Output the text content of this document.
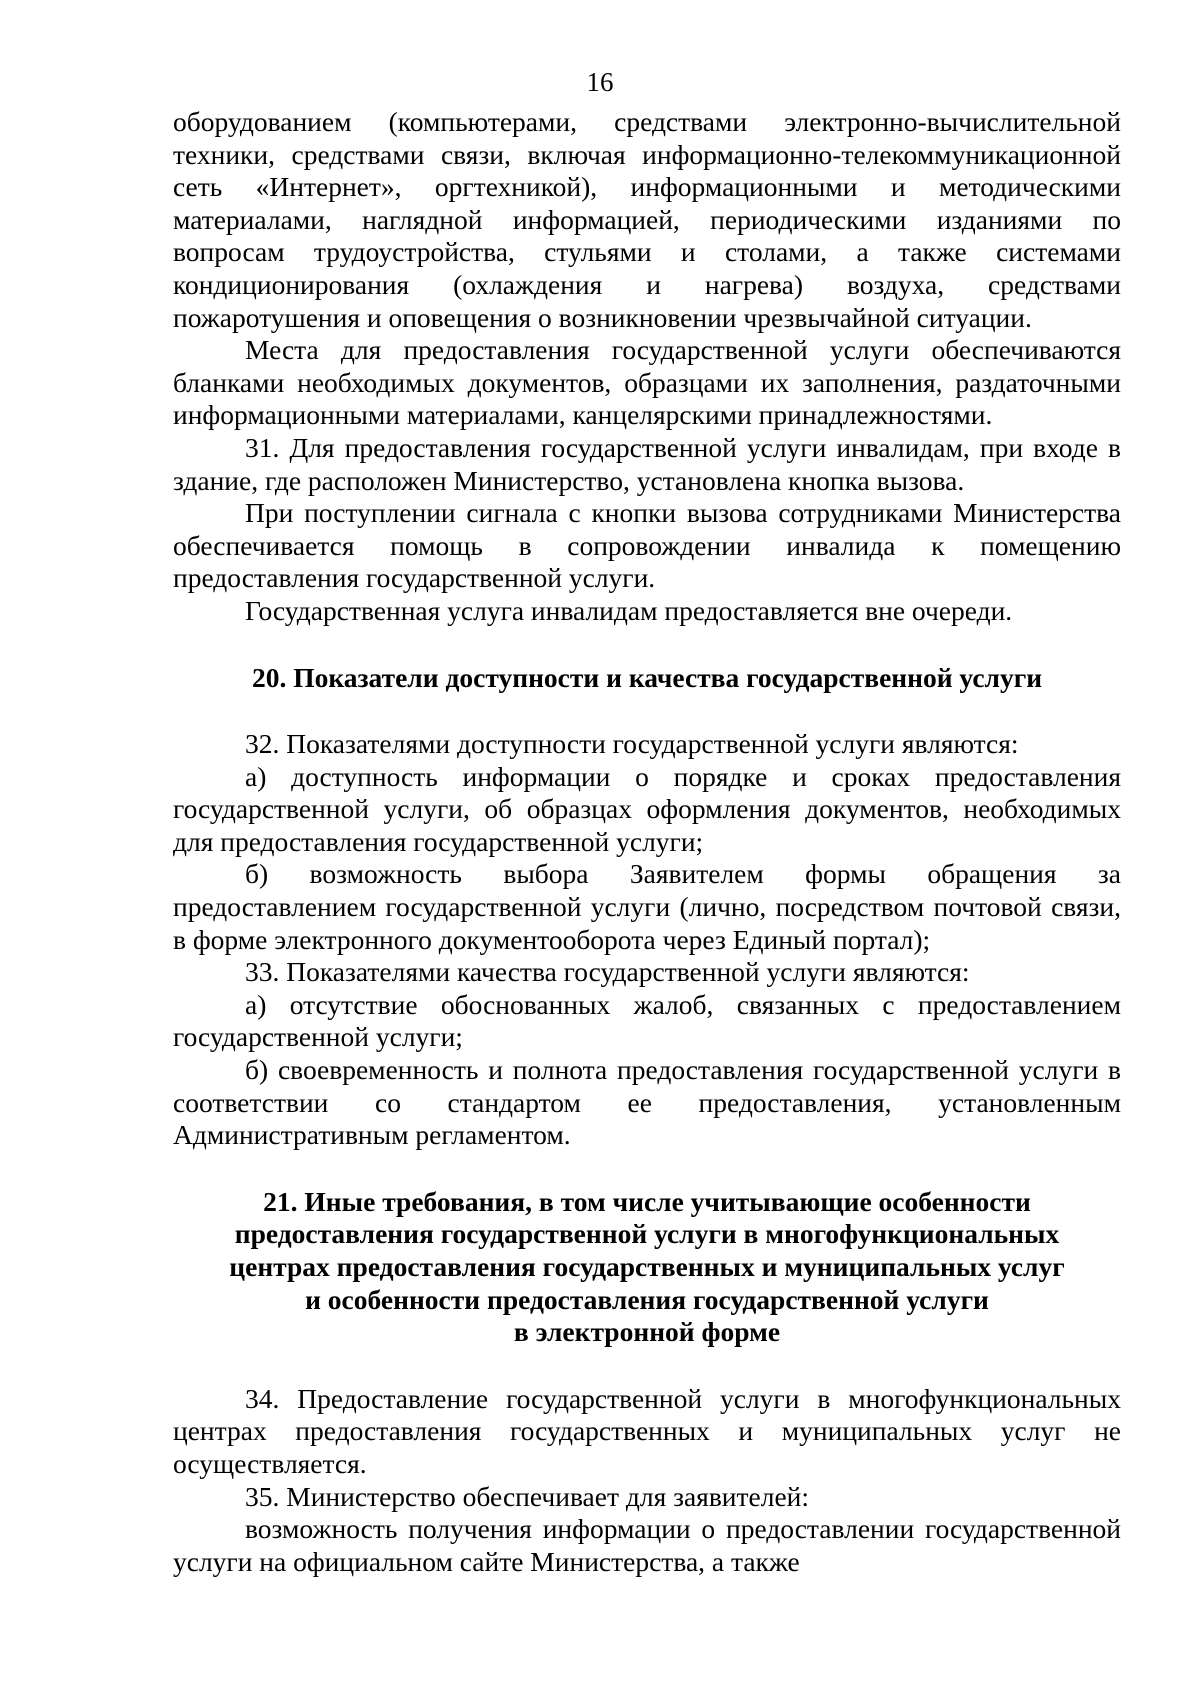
16

оборудованием (компьютерами, средствами электронно-вычислительной техники, средствами связи, включая информационно-телекоммуникационной сеть «Интернет», оргтехникой), информационными и методическими материалами, наглядной информацией, периодическими изданиями по вопросам трудоустройства, стульями и столами, а также системами кондиционирования (охлаждения и нагрева) воздуха, средствами пожаротушения и оповещения о возникновении чрезвычайной ситуации.

Места для предоставления государственной услуги обеспечиваются бланками необходимых документов, образцами их заполнения, раздаточными информационными материалами, канцелярскими принадлежностями.

31. Для предоставления государственной услуги инвалидам, при входе в здание, где расположен Министерство, установлена кнопка вызова.

При поступлении сигнала с кнопки вызова сотрудниками Министерства обеспечивается помощь в сопровождении инвалида к помещению предоставления государственной услуги.

Государственная услуга инвалидам предоставляется вне очереди.

20. Показатели доступности и качества государственной услуги

32. Показателями доступности государственной услуги являются:

а) доступность информации о порядке и сроках предоставления государственной услуги, об образцах оформления документов, необходимых для предоставления государственной услуги;

б) возможность выбора Заявителем формы обращения за предоставлением государственной услуги (лично, посредством почтовой связи, в форме электронного документооборота через Единый портал);

33. Показателями качества государственной услуги являются:

а) отсутствие обоснованных жалоб, связанных с предоставлением государственной услуги;

б) своевременность и полнота предоставления государственной услуги в соответствии со стандартом ее предоставления, установленным Административным регламентом.

21. Иные требования, в том числе учитывающие особенности
предоставления государственной услуги в многофункциональных
центрах предоставления государственных и муниципальных услуг
и особенности предоставления государственной услуги
в электронной форме

34. Предоставление государственной услуги в многофункциональных центрах предоставления государственных и муниципальных услуг не осуществляется.

35. Министерство обеспечивает для заявителей:

возможность получения информации о предоставлении государственной услуги на официальном сайте Министерства, а также
